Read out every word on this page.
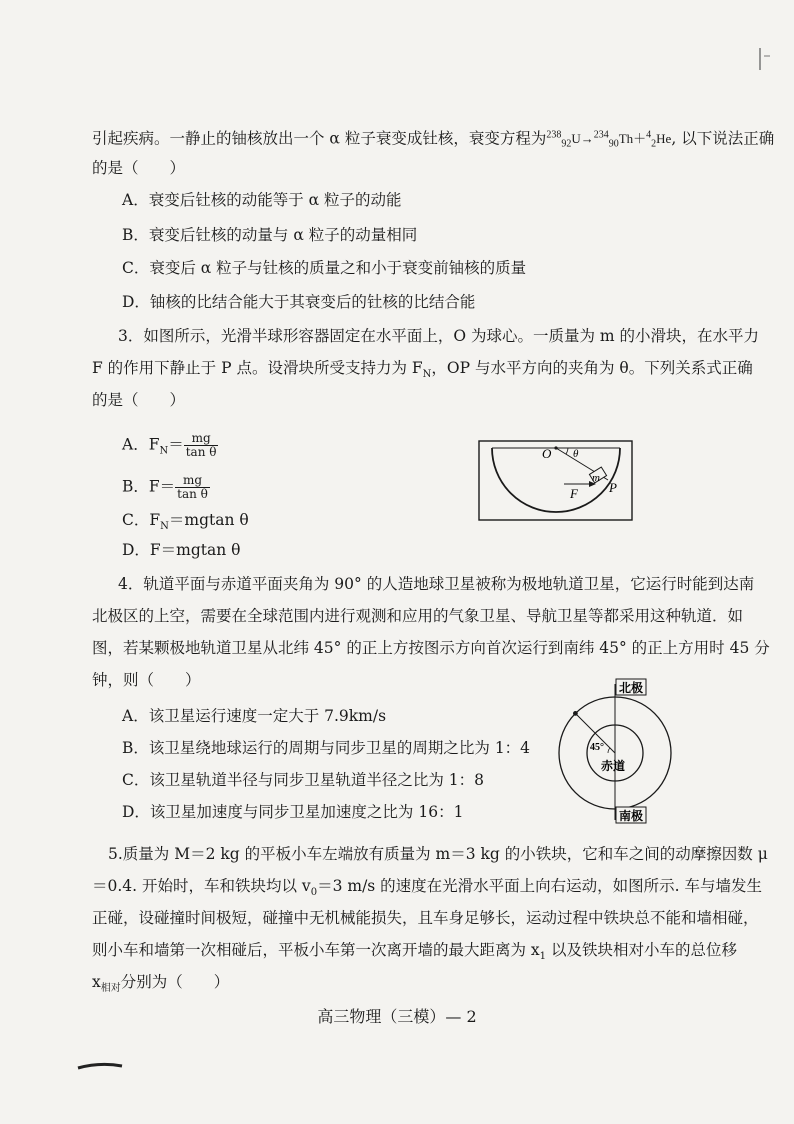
引起疾病。一静止的铀核放出一个 α 粒子衰变成钍核，衰变方程为$^{238}_{92}$U→$^{234}_{90}$Th＋$^4_2$He, 以下说法正确
的是（　　）
A．衰变后钍核的动能等于 α 粒子的动能
B．衰变后钍核的动量与 α 粒子的动量相同
C．衰变后 α 粒子与钍核的质量之和小于衰变前铀核的质量
D．铀核的比结合能大于其衰变后的钍核的比结合能
3．如图所示，光滑半球形容器固定在水平面上，O 为球心。一质量为 m 的小滑块，在水平力
F 的作用下静止于 P 点。设滑块所受支持力为 $F_N$，OP 与水平方向的夹角为 θ。下列关系式正确
的是（　　）
A．$F_N= \frac{mg}{\text{tan θ}}$
B．$F= \frac{mg}{\text{tan θ}}$
C．$F_N=mgtan$ θ
D．F＝mgtan θ
O θ
m
F P
4．轨道平面与赤道平面夹角为 90° 的人造地球卫星被称为极地轨道卫星，它运行时能到达南
北极区的上空，需要在全球范围内进行观测和应用的气象卫星、导航卫星等都采用这种轨道．如
图，若某颗极地轨道卫星从北纬 45° 的正上方按图示方向首次运行到南纬 45° 的正上方用时 45 分
钟，则（　　）
A．该卫星运行速度一定大于 7.9km/s
B．该卫星绕地球运行的周期与同步卫星的周期之比为 1：4
C．该卫星轨道半径与同步卫星轨道半径之比为 1：8
D．该卫星加速度与同步卫星加速度之比为 16：1
北极
南极
赤道
45°
5.质量为 M＝2 kg 的平板小车左端放有质量为 m＝3 kg 的小铁块，它和车之间的动摩擦因数 μ
＝0.4. 开始时，车和铁块均以 $v_0=3$ m/s 的速度在光滑水平面上向右运动，如图所示. 车与墙发生
正碰，设碰撞时间极短，碰撞中无机械能损失，且车身足够长，运动过程中铁块总不能和墙相碰，
则小车和墙第一次相碰后，平板小车第一次离开墙的最大距离为 $x_1$ 以及铁块相对小车的总位移
$x_{相对}$分别为（　　）
高三物理（三模）— 2
